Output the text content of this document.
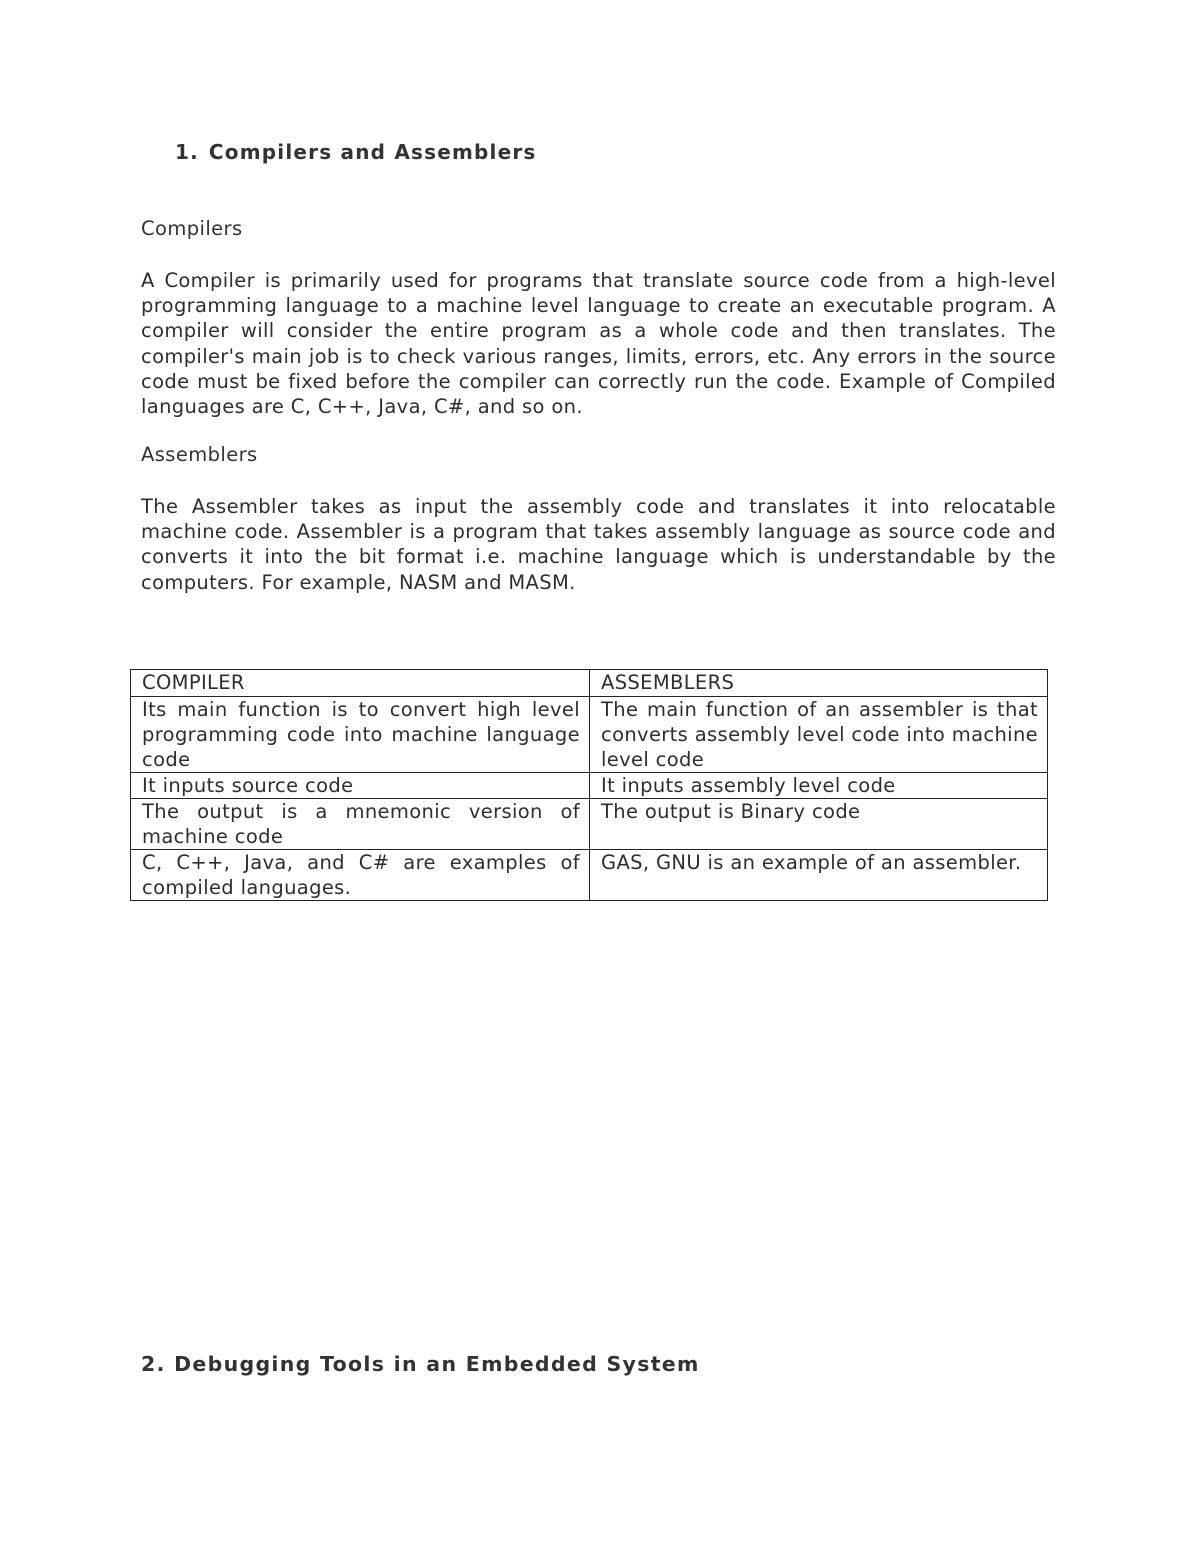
1. Compilers and Assemblers
Compilers
A Compiler is primarily used for programs that translate source code from a high-level programming language to a machine level language to create an executable program. A compiler will consider the entire program as a whole code and then translates. The compiler's main job is to check various ranges, limits, errors, etc. Any errors in the source code must be fixed before the compiler can correctly run the code. Example of Compiled languages are C, C++, Java, C#, and so on.
Assemblers
The Assembler takes as input the assembly code and translates it into relocatable machine code. Assembler is a program that takes assembly language as source code and converts it into the bit format i.e. machine language which is understandable by the computers. For example, NASM and MASM.
COMPILER	ASSEMBLERS
Its main function is to convert high level programming code into machine language code	The main function of an assembler is that converts assembly level code into machine level code
It inputs source code	It inputs assembly level code
The output is a mnemonic version of machine code	The output is Binary code
C, C++, Java, and C# are examples of compiled languages.	GAS, GNU is an example of an assembler.
2. Debugging Tools in an Embedded System
